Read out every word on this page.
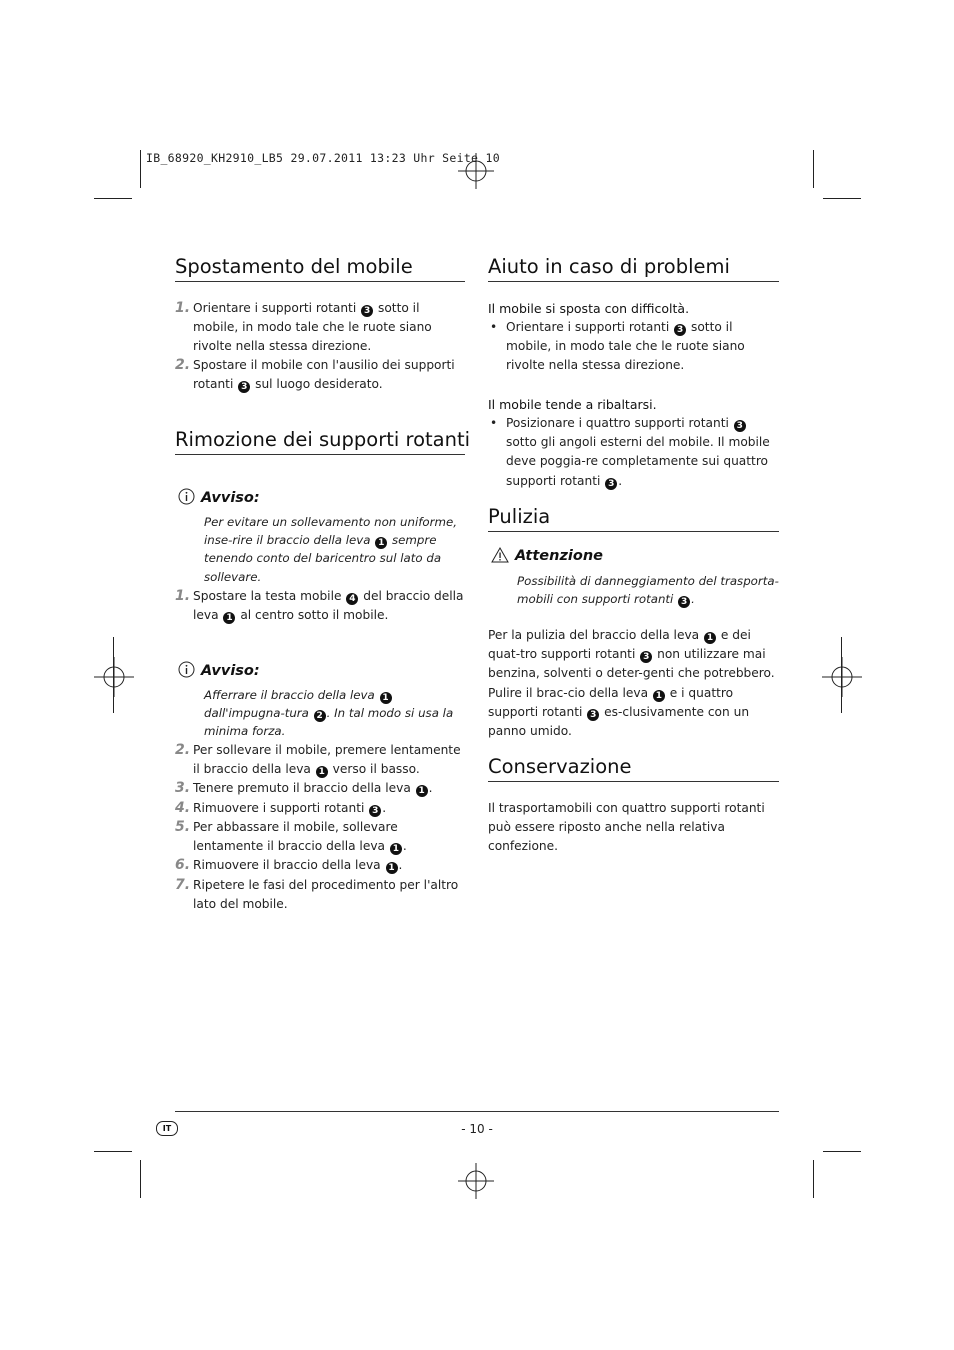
IB_68920_KH2910_LB5 29.07.2011 13:23 Uhr Seite 10
Spostamento del mobile
1. Orientare i supporti rotanti 3 sotto il mobile, in modo tale che le ruote siano rivolte nella stessa direzione.
2. Spostare il mobile con l'ausilio dei supporti rotanti 3 sul luogo desiderato.
Rimozione dei supporti rotanti
Avviso:
Per evitare un sollevamento non uniforme, inse-rire il braccio della leva 1 sempre tenendo conto del baricentro sul lato da sollevare.
1. Spostare la testa mobile 4 del braccio della leva 1 al centro sotto il mobile.
Avviso:
Afferrare il braccio della leva 1 dall'impugna-tura 2 . In tal modo si usa la minima forza.
2. Per sollevare il mobile, premere lentamente il braccio della leva 1 verso il basso.
3. Tenere premuto il braccio della leva 1 .
4. Rimuovere i supporti rotanti 3 .
5. Per abbassare il mobile, sollevare lentamente il braccio della leva 1 .
6. Rimuovere il braccio della leva 1 .
7. Ripetere le fasi del procedimento per l'altro lato del mobile.
Aiuto in caso di problemi
Il mobile si sposta con difficoltà.
• Orientare i supporti rotanti 3 sotto il mobile, in modo tale che le ruote siano rivolte nella stessa direzione.
Il mobile tende a ribaltarsi.
• Posizionare i quattro supporti rotanti 3 sotto gli angoli esterni del mobile. Il mobile deve poggia-re completamente sui quattro supporti rotanti 3 .
Pulizia
Attenzione
Possibilità di danneggiamento del trasporta-mobili con supporti rotanti 3 .
Per la pulizia del braccio della leva 1 e dei quat-tro supporti rotanti 3 non utilizzare mai benzina, solventi o deter-genti che potrebbero. Pulire il brac-cio della leva 1 e i quattro supporti rotanti 3 es-clusivamente con un panno umido.
Conservazione
Il trasportamobili con quattro supporti rotanti può essere riposto anche nella relativa confezione.
IT	- 10 -
